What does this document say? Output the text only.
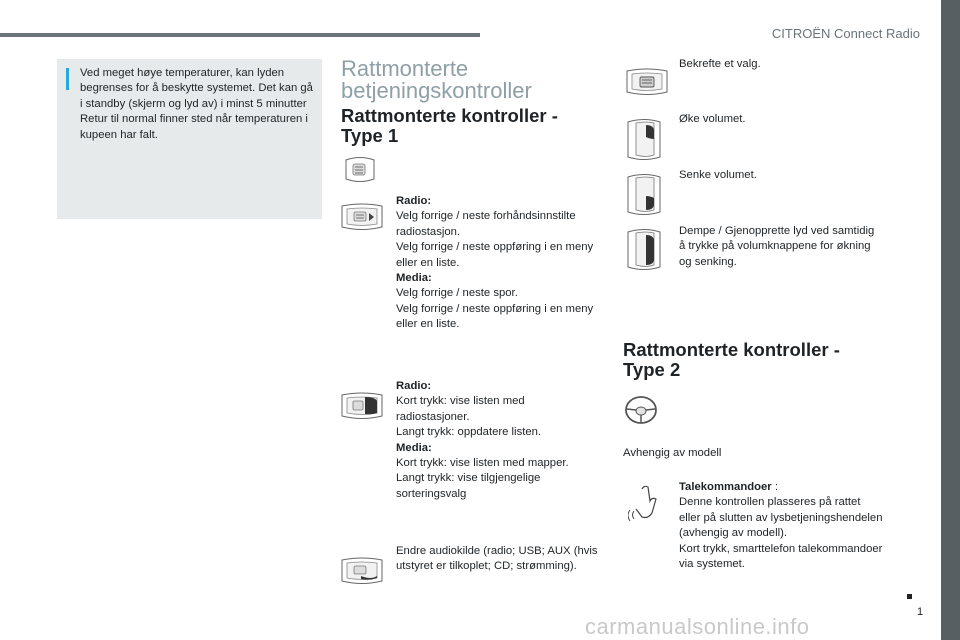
CITROËN Connect Radio
Ved meget høye temperaturer, kan lyden begrenses for å beskytte systemet. Det kan gå i standby (skjerm og lyd av) i minst 5 minutter
Retur til normal finner sted når temperaturen i kupeen har falt.
Rattmonterte betjeningskontroller
Rattmonterte kontroller - Type 1
Radio:
Velg forrige / neste forhåndsinnstilte radiostasjon.
Velg forrige / neste oppføring i en meny eller en liste.
Media:
Velg forrige / neste spor.
Velg forrige / neste oppføring i en meny eller en liste.
Radio:
Kort trykk: vise listen med radiostasjoner.
Langt trykk: oppdatere listen.
Media:
Kort trykk: vise listen med mapper.
Langt trykk: vise tilgjengelige sorteringsvalg
Endre audiokilde (radio; USB; AUX (hvis utstyret er tilkoplet; CD; strømming).
Bekrefte et valg.
Øke volumet.
Senke volumet.
Dempe / Gjenopprette lyd ved samtidig å trykke på volumknappene for økning og senking.
Rattmonterte kontroller - Type 2
Avhengig av modell
Talekommandoer :
Denne kontrollen plasseres på rattet eller på slutten av lysbetjeningshendelen (avhengig av modell).
Kort trykk, smarttelefon talekommandoer via systemet.
1
carmanualsonline.info
